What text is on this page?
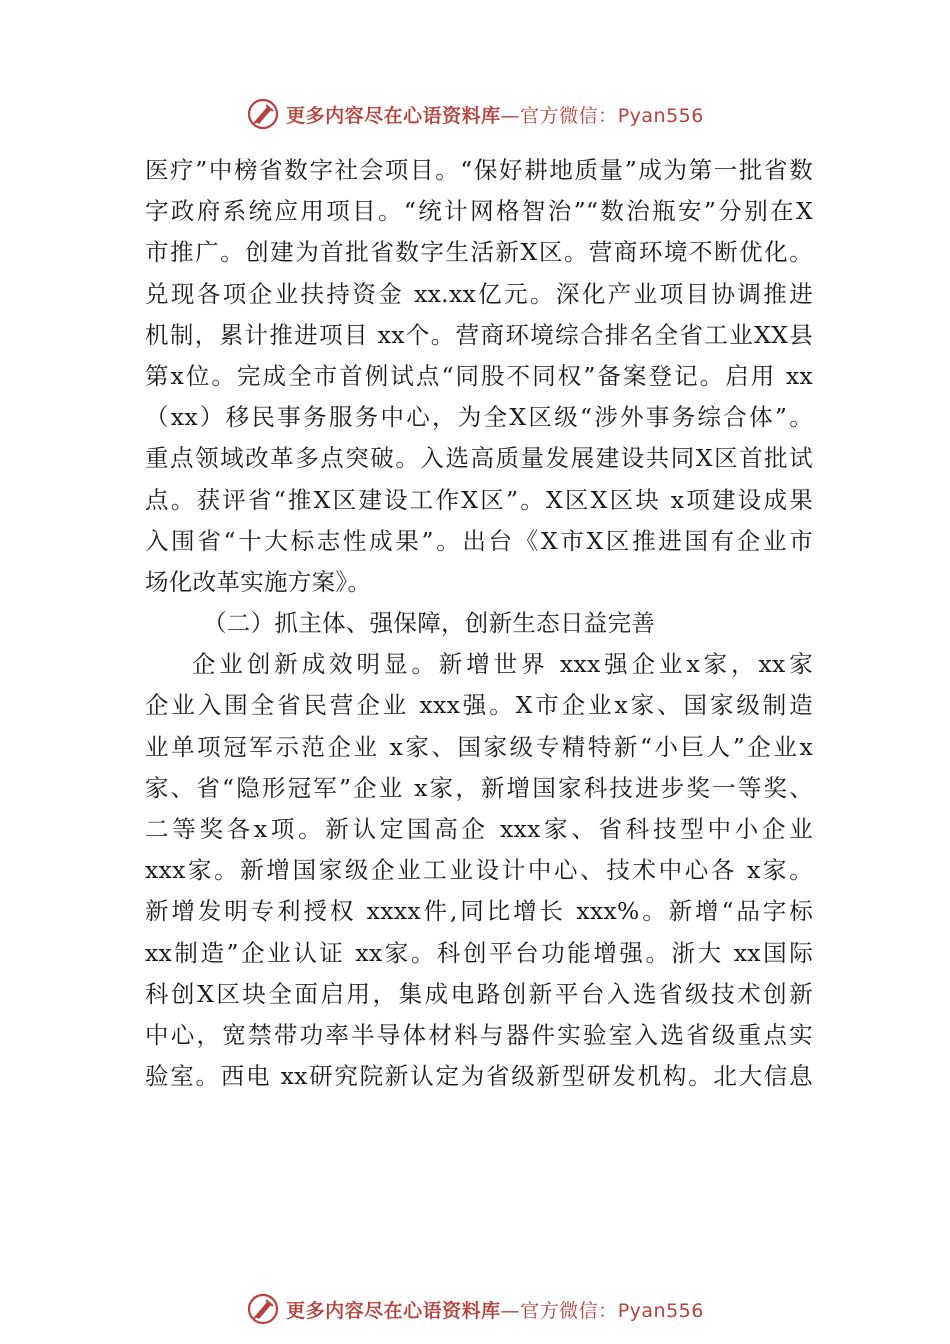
更多内容尽在心语资料库—官方微信：Pyan556
医疗”中榜省数字社会项目。“保好耕地质量”成为第一批省数
字政府系统应用项目。“统计网格智治”“数治瓶安”分别在X
市推广。创建为首批省数字生活新X区。营商环境不断优化。
兑现各项企业扶持资金 xx.xx亿元。深化产业项目协调推进
机制，累计推进项目 xx个。营商环境综合排名全省工业XX县
第x位。完成全市首例试点“同股不同权”备案登记。启用 xx
（xx）移民事务服务中心，为全X区级“涉外事务综合体”。
重点领域改革多点突破。入选高质量发展建设共同X区首批试
点。获评省“推X区建设工作X区”。X区X区块 x项建设成果
入围省“十大标志性成果”。出台《X市X区推进国有企业市
场化改革实施方案》。
（二）抓主体、强保障，创新生态日益完善
企业创新成效明显。新增世界 xxx强企业x家，xx家
企业入围全省民营企业 xxx强。X市企业x家、国家级制造
业单项冠军示范企业 x家、国家级专精特新“小巨人”企业x
家、省“隐形冠军”企业 x家，新增国家科技进步奖一等奖、
二等奖各x项。新认定国高企 xxx家、省科技型中小企业
xxx家。新增国家级企业工业设计中心、技术中心各 x家。
新增发明专利授权 xxxx件,同比增长 xxx%。新增“品字标
xx制造”企业认证 xx家。科创平台功能增强。浙大 xx国际
科创X区块全面启用，集成电路创新平台入选省级技术创新
中心，宽禁带功率半导体材料与器件实验室入选省级重点实
验室。西电 xx研究院新认定为省级新型研发机构。北大信息
更多内容尽在心语资料库—官方微信：Pyan556
